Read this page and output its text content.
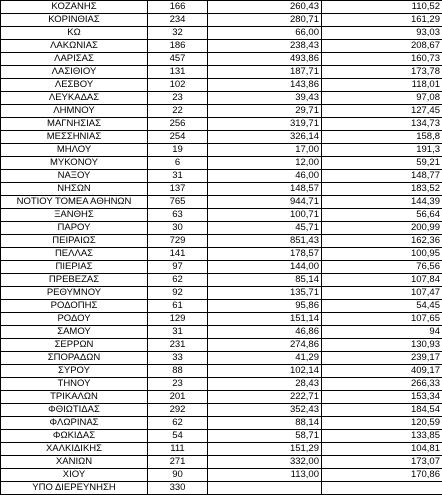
ΚΟΖΑΝΗΣ	166	260,43	110,52
ΚΟΡΙΝΘΙΑΣ	234	280,71	161,29
ΚΩ	32	66,00	93,03
ΛΑΚΩΝΙΑΣ	186	238,43	208,67
ΛΑΡΙΣΑΣ	457	493,86	160,73
ΛΑΣΙΘΙΟΥ	131	187,71	173,78
ΛΕΣΒΟΥ	102	143,86	118,01
ΛΕΥΚΑΔΑΣ	23	39,43	97,08
ΛΗΜΝΟΥ	22	29,71	127,45
ΜΑΓΝΗΣΙΑΣ	256	319,71	134,73
ΜΕΣΣΗΝΙΑΣ	254	326,14	158,8
ΜΗΛΟΥ	19	17,00	191,3
ΜΥΚΟΝΟΥ	6	12,00	59,21
ΝΑΞΟΥ	31	46,00	148,77
ΝΗΣΩΝ	137	148,57	183,52
ΝΟΤΙΟΥ ΤΟΜΕΑ ΑΘΗΝΩΝ	765	944,71	144,39
ΞΑΝΘΗΣ	63	100,71	56,64
ΠΑΡΟΥ	30	45,71	200,99
ΠΕΙΡΑΙΩΣ	729	851,43	162,36
ΠΕΛΛΑΣ	141	178,57	100,95
ΠΙΕΡΙΑΣ	97	144,00	76,56
ΠΡΕΒΕΖΑΣ	62	85,14	107,84
ΡΕΘΥΜΝΟΥ	92	135,71	107,47
ΡΟΔΟΠΗΣ	61	95,86	54,45
ΡΟΔΟΥ	129	151,14	107,65
ΣΑΜΟΥ	31	46,86	94
ΣΕΡΡΩΝ	231	274,86	130,93
ΣΠΟΡΑΔΩΝ	33	41,29	239,17
ΣΥΡΟΥ	88	102,14	409,17
ΤΗΝΟΥ	23	28,43	266,33
ΤΡΙΚΑΛΩΝ	201	222,71	153,34
ΦΘΙΩΤΙΔΑΣ	292	352,43	184,54
ΦΛΩΡΙΝΑΣ	62	88,14	120,59
ΦΩΚΙΔΑΣ	54	58,71	133,85
ΧΑΛΚΙΔΙΚΗΣ	111	151,29	104,81
ΧΑΝΙΩΝ	271	332,00	173,07
ΧΙΟΥ	90	113,00	170,86
ΥΠΟ ΔΙΕΡΕΥΝΗΣΗ	330		
